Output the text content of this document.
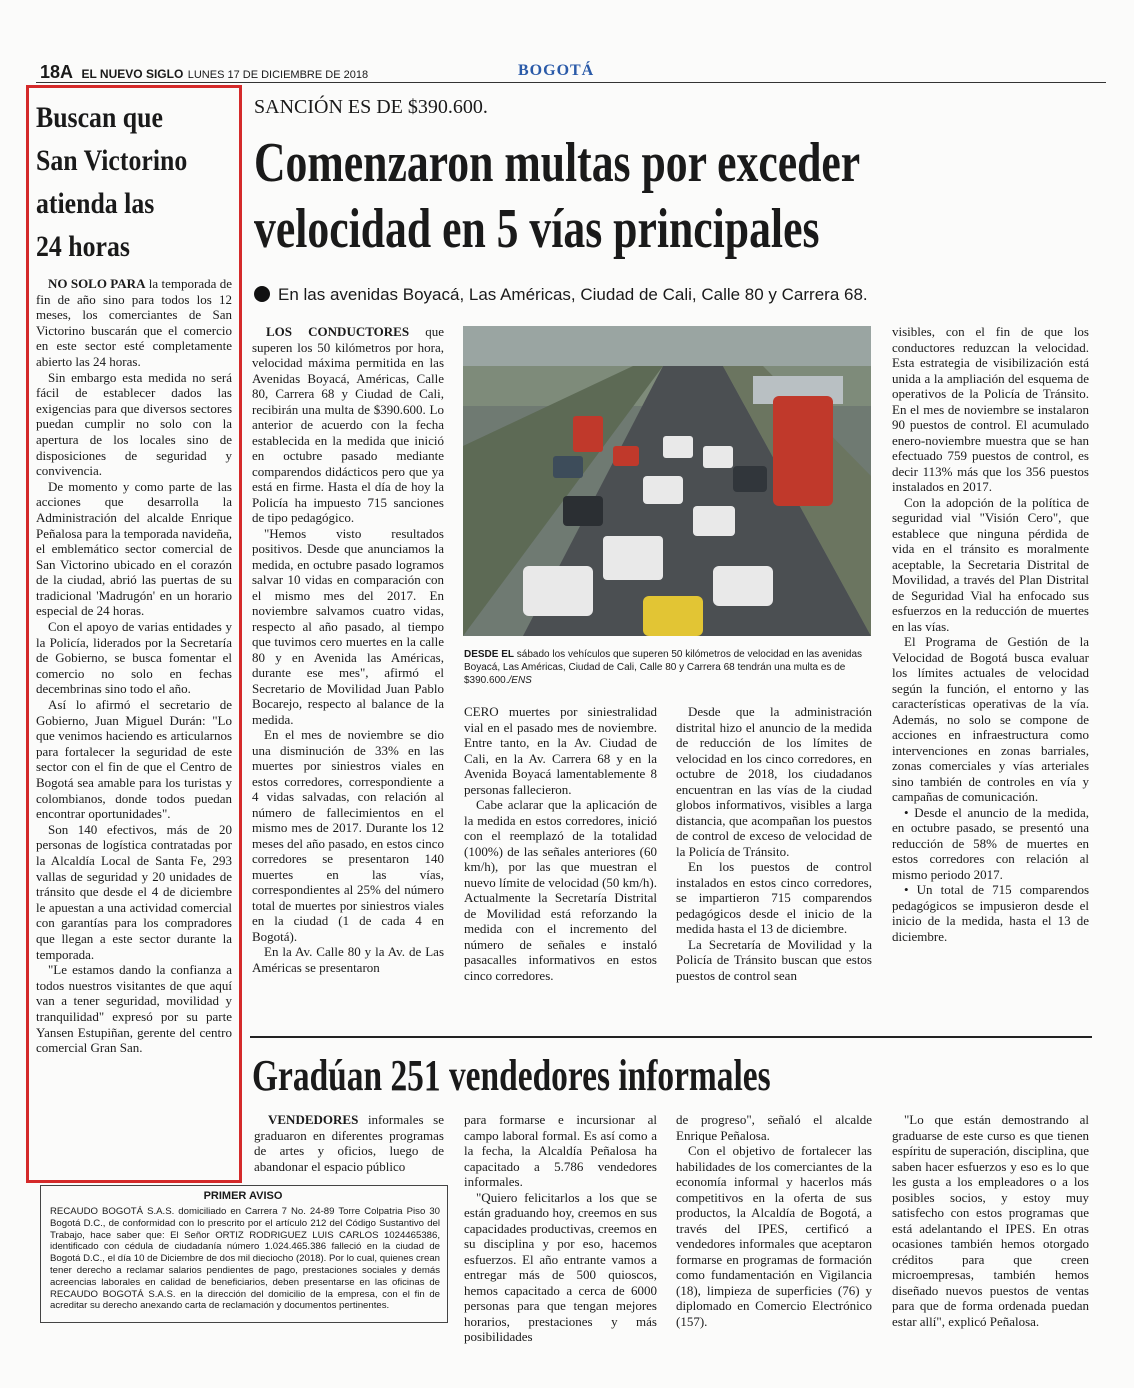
18A EL NUEVO SIGLO LUNES 17 DE DICIEMBRE DE 2018	BOGOTÁ
Buscan que
San Victorino
atienda las
24 horas

NO SOLO PARA la temporada de fin de año sino para todos los 12 meses, los comerciantes de San Victorino buscarán que el comercio en este sector esté completamente abierto las 24 horas.

Sin embargo esta medida no será fácil de establecer dados las exigencias para que diversos sectores puedan cumplir no solo con la apertura de los locales sino de disposiciones de seguridad y convivencia.

De momento y como parte de las acciones que desarrolla la Administración del alcalde Enrique Peñalosa para la temporada navideña, el emblemático sector comercial de San Victorino ubicado en el corazón de la ciudad, abrió las puertas de su tradicional 'Madrugón' en un horario especial de 24 horas.

Con el apoyo de varias entidades y la Policía, liderados por la Secretaría de Gobierno, se busca fomentar el comercio no solo en fechas decembrinas sino todo el año.

Así lo afirmó el secretario de Gobierno, Juan Miguel Durán: "Lo que venimos haciendo es articularnos para fortalecer la seguridad de este sector con el fin de que el Centro de Bogotá sea amable para los turistas y colombianos, donde todos puedan encontrar oportunidades".

Son 140 efectivos, más de 20 personas de logística contratadas por la Alcaldía Local de Santa Fe, 293 vallas de seguridad y 20 unidades de tránsito que desde el 4 de diciembre le apuestan a una actividad comercial con garantías para los compradores que llegan a este sector durante la temporada.

"Le estamos dando la confianza a todos nuestros visitantes de que aquí van a tener seguridad, movilidad y tranquilidad" expresó por su parte Yansen Estupiñan, gerente del centro comercial Gran San.

SANCIÓN ES DE $390.600.
Comenzaron multas por exceder
velocidad en 5 vías principales
En las avenidas Boyacá, Las Américas, Ciudad de Cali, Calle 80 y Carrera 68.

LOS CONDUCTORES que superen los 50 kilómetros por hora, velocidad máxima permitida en las Avenidas Boyacá, Américas, Calle 80, Carrera 68 y Ciudad de Cali, recibirán una multa de $390.600. Lo anterior de acuerdo con la fecha establecida en la medida que inició en octubre pasado mediante comparendos didácticos pero que ya está en firme. Hasta el día de hoy la Policía ha impuesto 715 sanciones de tipo pedagógico.

"Hemos visto resultados positivos. Desde que anunciamos la medida, en octubre pasado logramos salvar 10 vidas en comparación con el mismo mes del 2017. En noviembre salvamos cuatro vidas, respecto al año pasado, al tiempo que tuvimos cero muertes en la calle 80 y en Avenida las Américas, durante ese mes", afirmó el Secretario de Movilidad Juan Pablo Bocarejo, respecto al balance de la medida.

En el mes de noviembre se dio una disminución de 33% en las muertes por siniestros viales en estos corredores, correspondiente a 4 vidas salvadas, con relación al número de fallecimientos en el mismo mes de 2017. Durante los 12 meses del año pasado, en estos cinco corredores se presentaron 140 muertes en las vías, correspondientes al 25% del número total de muertes por siniestros viales en la ciudad (1 de cada 4 en Bogotá).

En la Av. Calle 80 y la Av. de Las Américas se presentaron

DESDE EL sábado los vehículos que superen 50 kilómetros de velocidad en las avenidas Boyacá, Las Américas, Ciudad de Cali, Calle 80 y Carrera 68 tendrán una multa es de $390.600./ENS

CERO muertes por siniestralidad vial en el pasado mes de noviembre. Entre tanto, en la Av. Ciudad de Cali, en la Av. Carrera 68 y en la Avenida Boyacá lamentablemente 8 personas fallecieron.

Cabe aclarar que la aplicación de la medida en estos corredores, inició con el reemplazó de la totalidad (100%) de las señales anteriores (60 km/h), por las que muestran el nuevo límite de velocidad (50 km/h). Actualmente la Secretaría Distrital de Movilidad está reforzando la medida con el incremento del número de señales e instaló pasacalles informativos en estos cinco corredores.

Desde que la administración distrital hizo el anuncio de la medida de reducción de los límites de velocidad en los cinco corredores, en octubre de 2018, los ciudadanos encuentran en las vías de la ciudad globos informativos, visibles a larga distancia, que acompañan los puestos de control de exceso de velocidad de la Policía de Tránsito.

En los puestos de control instalados en estos cinco corredores, se impartieron 715 comparendos pedagógicos desde el inicio de la medida hasta el 13 de diciembre.

La Secretaría de Movilidad y la Policía de Tránsito buscan que estos puestos de control sean

visibles, con el fin de que los conductores reduzcan la velocidad. Esta estrategia de visibilización está unida a la ampliación del esquema de operativos de la Policía de Tránsito. En el mes de noviembre se instalaron 90 puestos de control. El acumulado enero-noviembre muestra que se han efectuado 759 puestos de control, es decir 113% más que los 356 puestos instalados en 2017.

Con la adopción de la política de seguridad vial "Visión Cero", que establece que ninguna pérdida de vida en el tránsito es moralmente aceptable, la Secretaria Distrital de Movilidad, a través del Plan Distrital de Seguridad Vial ha enfocado sus esfuerzos en la reducción de muertes en las vías.

El Programa de Gestión de la Velocidad de Bogotá busca evaluar los límites actuales de velocidad según la función, el entorno y las características operativas de la vía. Además, no solo se compone de acciones en infraestructura como intervenciones en zonas barriales, zonas comerciales y vías arteriales sino también de controles en vía y campañas de comunicación.

• Desde el anuncio de la medida, en octubre pasado, se presentó una reducción de 58% de muertes en estos corredores con relación al mismo periodo 2017.

• Un total de 715 comparendos pedagógicos se impusieron desde el inicio de la medida, hasta el 13 de diciembre.

Gradúan 251 vendedores informales

VENDEDORES informales se graduaron en diferentes programas de artes y oficios, luego de abandonar el espacio público

para formarse e incursionar al campo laboral formal. Es así como a la fecha, la Alcaldía Peñalosa ha capacitado a 5.786 vendedores informales.

"Quiero felicitarlos a los que se están graduando hoy, creemos en sus capacidades productivas, creemos en su disciplina y por eso, hacemos esfuerzos. El año entrante vamos a entregar más de 500 quioscos, hemos capacitado a cerca de 6000 personas para que tengan mejores horarios, prestaciones y más posibilidades

de progreso", señaló el alcalde Enrique Peñalosa.

Con el objetivo de fortalecer las habilidades de los comerciantes de la economía informal y hacerlos más competitivos en la oferta de sus productos, la Alcaldía de Bogotá, a través del IPES, certificó a vendedores informales que aceptaron formarse en programas de formación como fundamentación en Vigilancia (18), limpieza de superficies (76) y diplomado en Comercio Electrónico (157).

"Lo que están demostrando al graduarse de este curso es que tienen espíritu de superación, disciplina, que saben hacer esfuerzos y eso es lo que les gusta a los empleadores o a los posibles socios, y estoy muy satisfecho con estos programas que está adelantando el IPES. En otras ocasiones también hemos otorgado créditos para que creen microempresas, también hemos diseñado nuevos puestos de ventas para que de forma ordenada puedan estar allí", explicó Peñalosa.

PRIMER AVISO
RECAUDO BOGOTÁ S.A.S. domiciliado en Carrera 7 No. 24-89 Torre Colpatria Piso 30 Bogotá D.C., de conformidad con lo prescrito por el artículo 212 del Código Sustantivo del Trabajo, hace saber que: El Señor ORTIZ RODRIGUEZ LUIS CARLOS 1024465386, identificado con cédula de ciudadanía número 1.024.465.386 falleció en la ciudad de Bogotá D.C., el día 10 de Diciembre de dos mil dieciocho (2018). Por lo cual, quienes crean tener derecho a reclamar salarios pendientes de pago, prestaciones sociales y demás acreencias laborales en calidad de beneficiarios, deben presentarse en las oficinas de RECAUDO BOGOTÁ S.A.S. en la dirección del domicilio de la empresa, con el fin de acreditar su derecho anexando carta de reclamación y documentos pertinentes.
